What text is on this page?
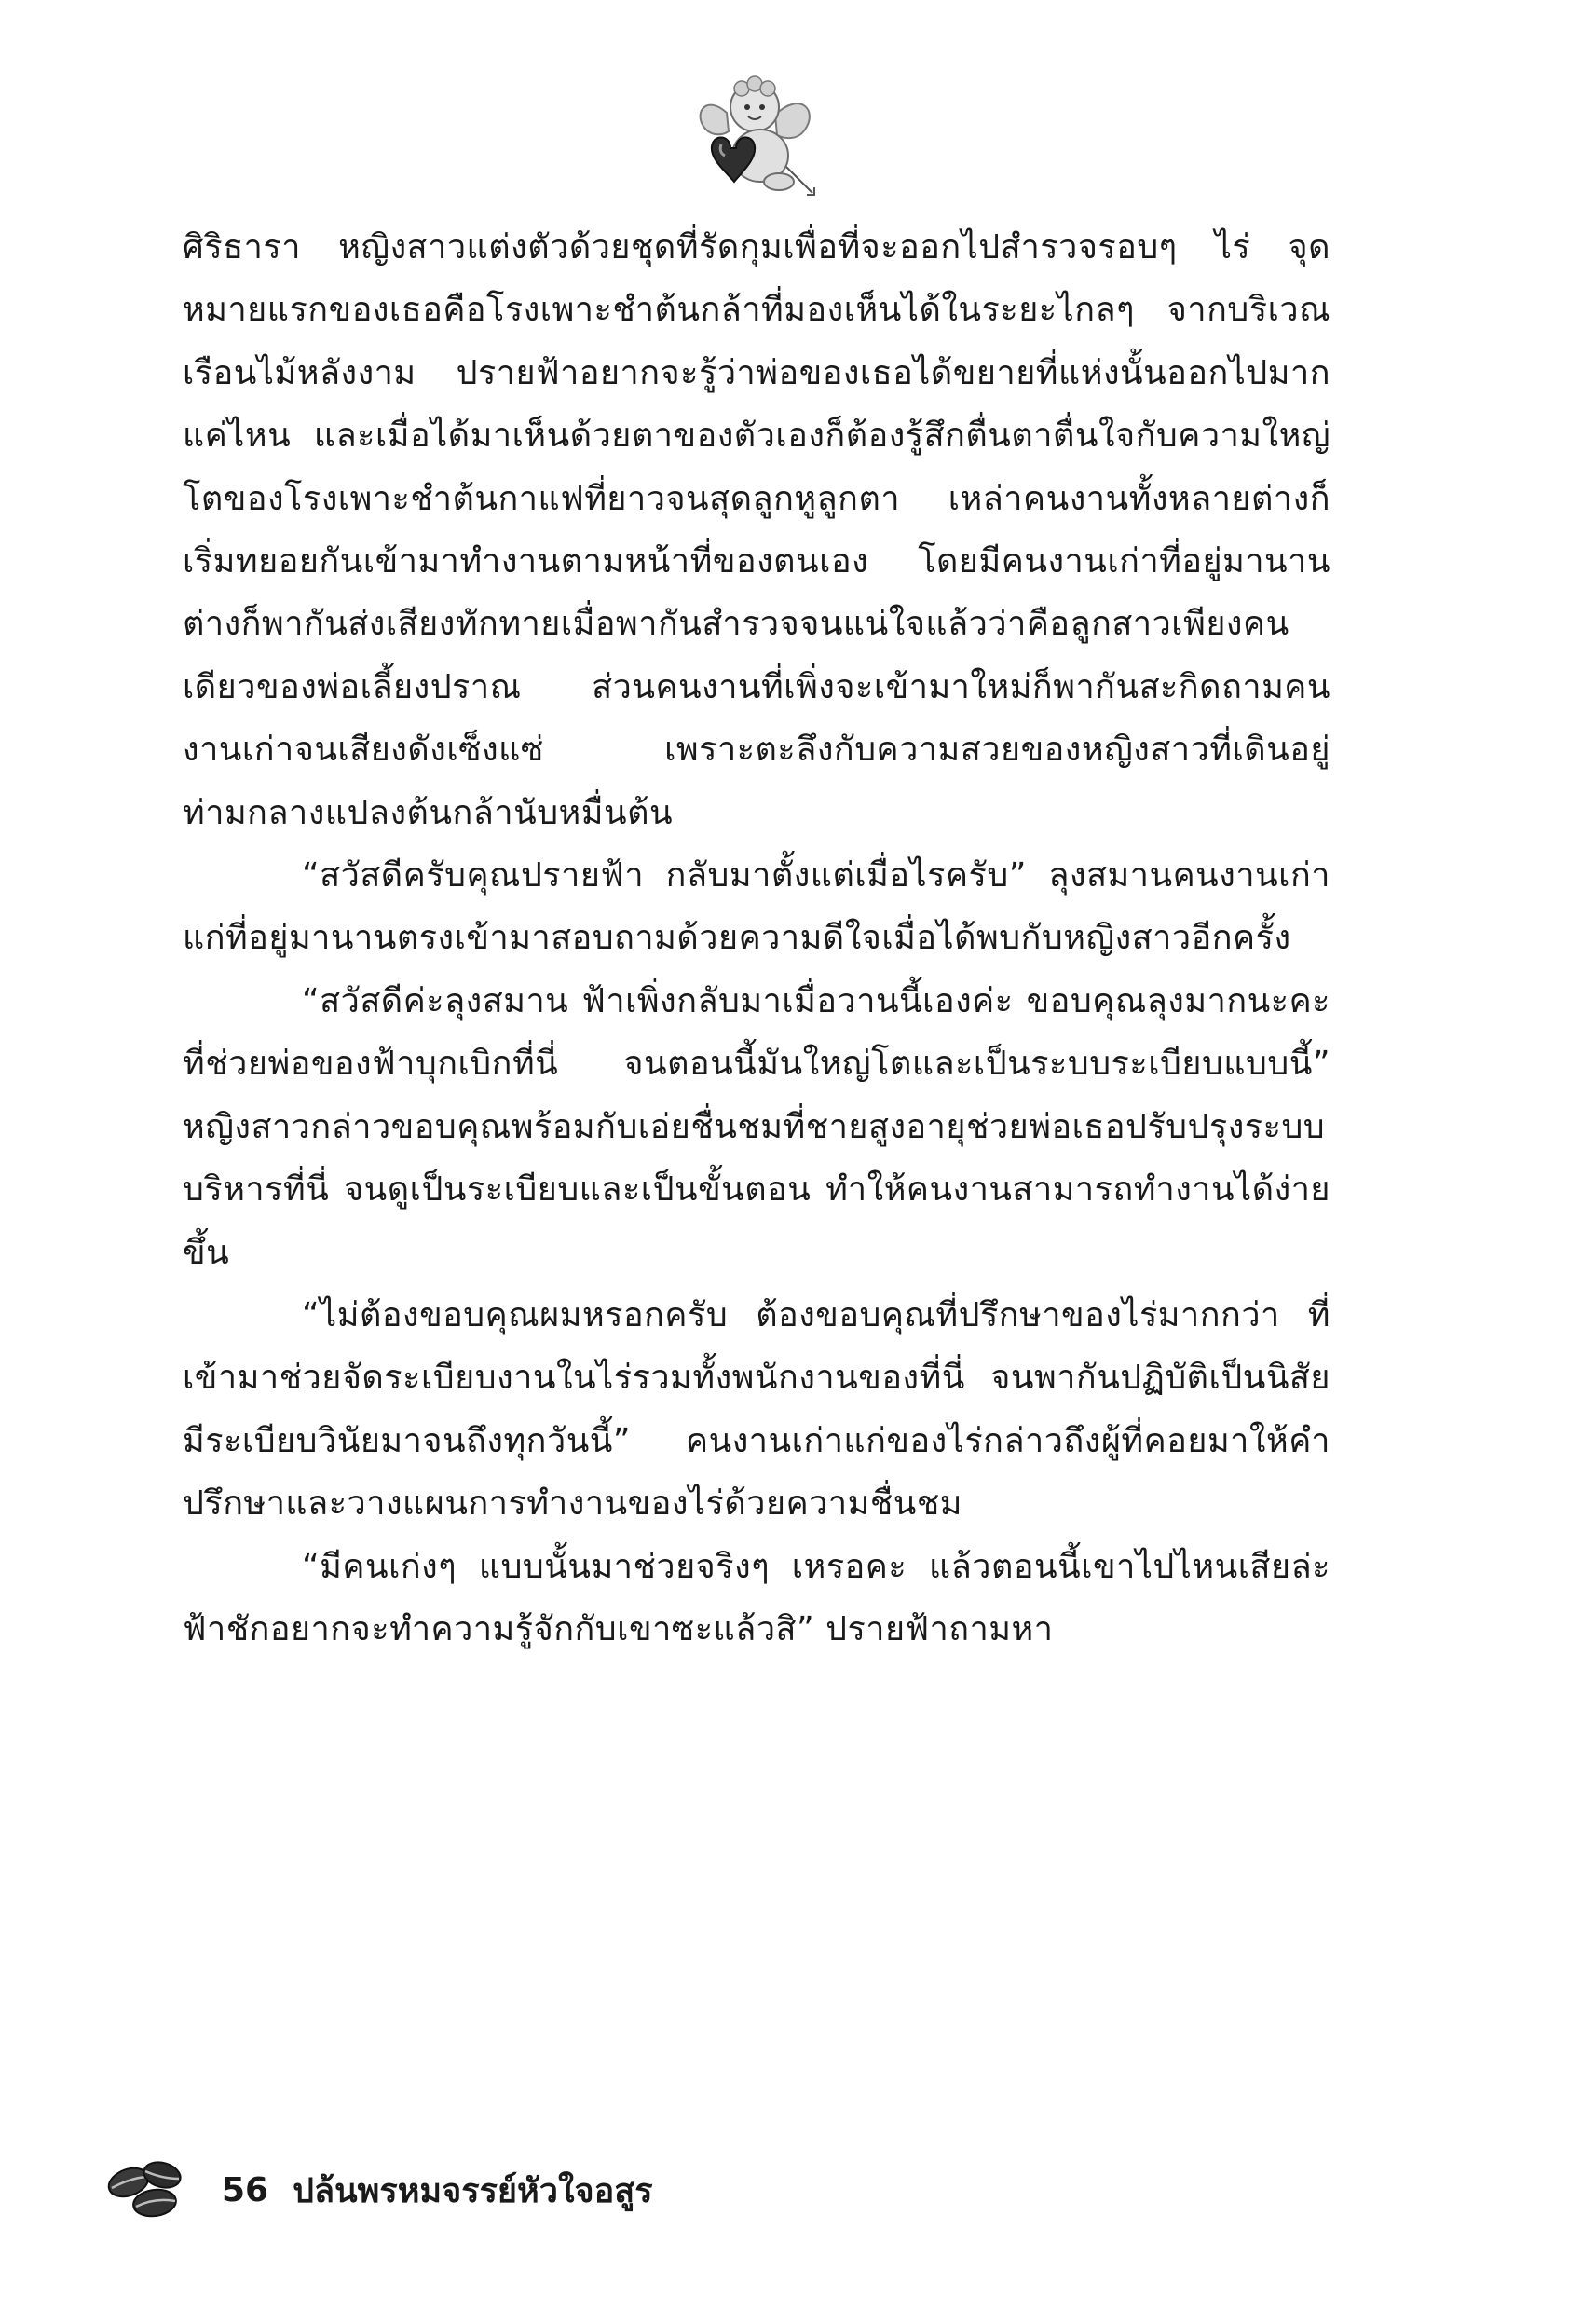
ศิริธารา หญิงสาวแต่งตัวด้วยชุดที่รัดกุมเพื่อที่จะออกไปสำรวจรอบๆ ไร่ จุดหมายแรกของเธอคือโรงเพาะชำต้นกล้าที่มองเห็นได้ในระยะไกลๆ จากบริเวณเรือนไม้หลังงาม ปรายฟ้าอยากจะรู้ว่าพ่อของเธอได้ขยายที่แห่งนั้นออกไปมากแค่ไหน และเมื่อได้มาเห็นด้วยตาของตัวเองก็ต้องรู้สึกตื่นตาตื่นใจกับความใหญ่โตของโรงเพาะชำต้นกาแฟที่ยาวจนสุดลูกหูลูกตา เหล่าคนงานทั้งหลายต่างก็เริ่มทยอยกันเข้ามาทำงานตามหน้าที่ของตนเอง โดยมีคนงานเก่าที่อยู่มานานต่างก็พากันส่งเสียงทักทายเมื่อพากันสำรวจจนแน่ใจแล้วว่าคือลูกสาวเพียงคนเดียวของพ่อเลี้ยงปราณ ส่วนคนงานที่เพิ่งจะเข้ามาใหม่ก็พากันสะกิดถามคนงานเก่าจนเสียงดังเซ็งแซ่ เพราะตะลึงกับความสวยของหญิงสาวที่เดินอยู่ท่ามกลางแปลงต้นกล้านับหมื่นต้น

“สวัสดีครับคุณปรายฟ้า กลับมาตั้งแต่เมื่อไรครับ” ลุงสมานคนงานเก่าแก่ที่อยู่มานานตรงเข้ามาสอบถามด้วยความดีใจเมื่อได้พบกับหญิงสาวอีกครั้ง

“สวัสดีค่ะลุงสมาน ฟ้าเพิ่งกลับมาเมื่อวานนี้เองค่ะ ขอบคุณลุงมากนะคะที่ช่วยพ่อของฟ้าบุกเบิกที่นี่ จนตอนนี้มันใหญ่โตและเป็นระบบระเบียบแบบนี้” หญิงสาวกล่าวขอบคุณพร้อมกับเอ่ยชื่นชมที่ชายสูงอายุช่วยพ่อเธอปรับปรุงระบบบริหารที่นี่ จนดูเป็นระเบียบและเป็นขั้นตอน ทำให้คนงานสามารถทำงานได้ง่ายขึ้น

“ไม่ต้องขอบคุณผมหรอกครับ ต้องขอบคุณที่ปรึกษาของไร่มากกว่า ที่เข้ามาช่วยจัดระเบียบงานในไร่รวมทั้งพนักงานของที่นี่ จนพากันปฏิบัติเป็นนิสัย มีระเบียบวินัยมาจนถึงทุกวันนี้” คนงานเก่าแก่ของไร่กล่าวถึงผู้ที่คอยมาให้คำปรึกษาและวางแผนการทำงานของไร่ด้วยความชื่นชม

“มีคนเก่งๆ แบบนั้นมาช่วยจริงๆ เหรอคะ แล้วตอนนี้เขาไปไหนเสียล่ะ ฟ้าชักอยากจะทำความรู้จักกับเขาซะแล้วสิ” ปรายฟ้าถามหา

56 ปล้นพรหมจรรย์หัวใจอสูร
